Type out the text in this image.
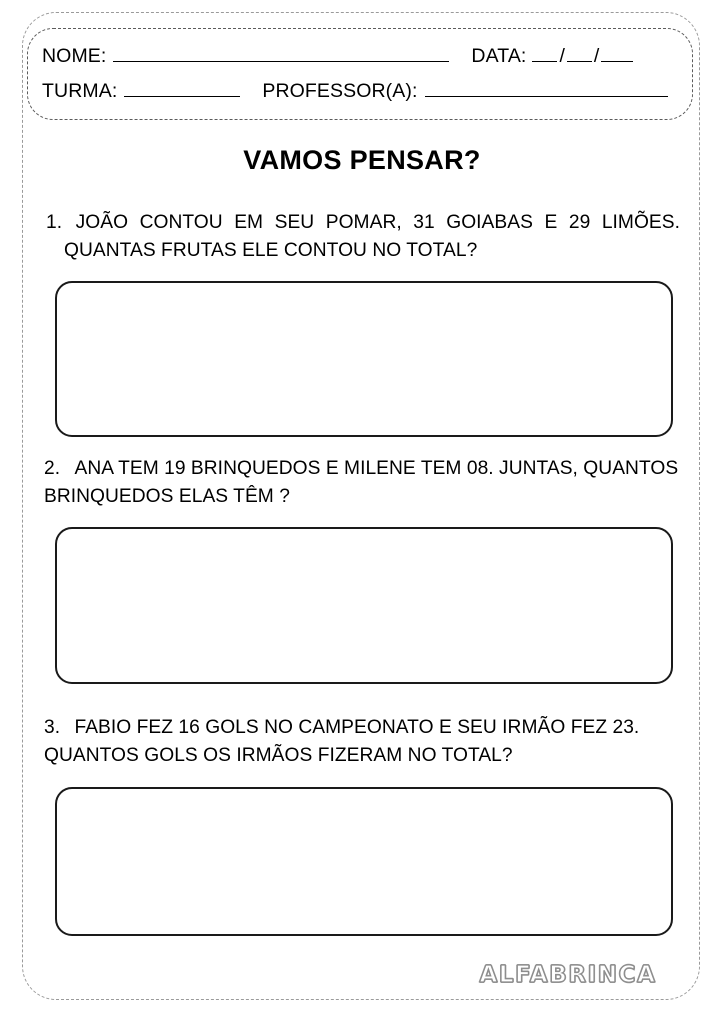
NOME:	DATA: / /
TURMA:	PROFESSOR(A):
VAMOS PENSAR?
1. JOÃO CONTOU EM SEU POMAR, 31 GOIABAS E 29 LIMÕES.
QUANTAS FRUTAS ELE CONTOU NO TOTAL?
2. ANA TEM 19 BRINQUEDOS E MILENE TEM 08. JUNTAS, QUANTOS
BRINQUEDOS ELAS TÊM ?
3. FABIO FEZ 16 GOLS NO CAMPEONATO E SEU IRMÃO FEZ 23.
QUANTOS GOLS OS IRMÃOS FIZERAM NO TOTAL?
ALFABRINCA
